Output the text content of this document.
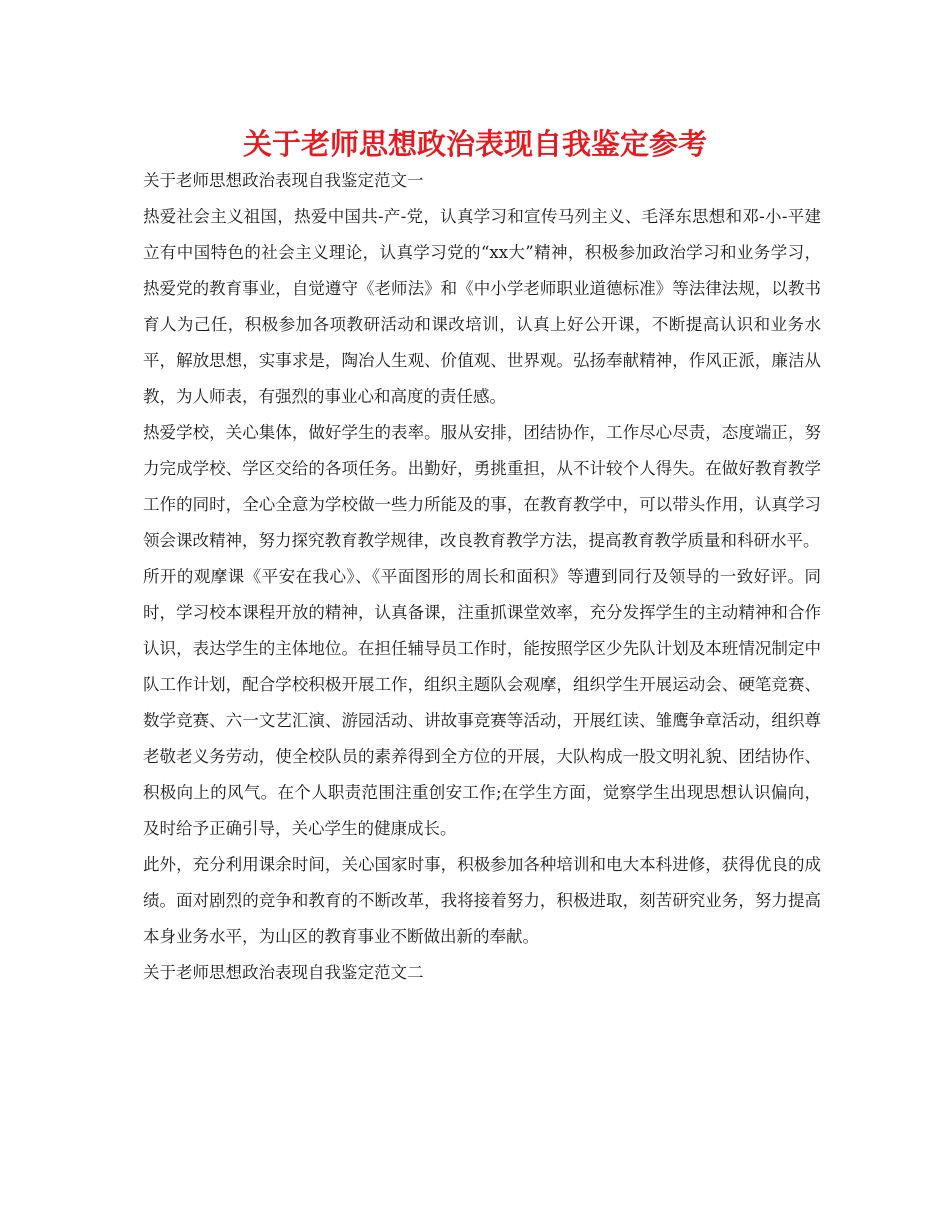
关于老师思想政治表现自我鉴定参考

关于老师思想政治表现自我鉴定范文一

热爱社会主义祖国，热爱中国共-产-党，认真学习和宣传马列主义、毛泽东思想和邓-小-平建立有中国特色的社会主义理论，认真学习党的“xx大”精神，积极参加政治学习和业务学习，热爱党的教育事业，自觉遵守《老师法》和《中小学老师职业道德标准》等法律法规，以教书育人为己任，积极参加各项教研活动和课改培训，认真上好公开课，不断提高认识和业务水平，解放思想，实事求是，陶冶人生观、价值观、世界观。弘扬奉献精神，作风正派，廉洁从教，为人师表，有强烈的事业心和高度的责任感。

热爱学校，关心集体，做好学生的表率。服从安排，团结协作，工作尽心尽责，态度端正，努力完成学校、学区交给的各项任务。出勤好，勇挑重担，从不计较个人得失。在做好教育教学工作的同时，全心全意为学校做一些力所能及的事，在教育教学中，可以带头作用，认真学习领会课改精神，努力探究教育教学规律，改良教育教学方法，提高教育教学质量和科研水平。

所开的观摩课《平安在我心》、《平面图形的周长和面积》等遭到同行及领导的一致好评。同时，学习校本课程开放的精神，认真备课，注重抓课堂效率，充分发挥学生的主动精神和合作认识，表达学生的主体地位。在担任辅导员工作时，能按照学区少先队计划及本班情况制定中队工作计划，配合学校积极开展工作，组织主题队会观摩，组织学生开展运动会、硬笔竞赛、数学竞赛、六一文艺汇演、游园活动、讲故事竞赛等活动，开展红读、雏鹰争章活动，组织尊老敬老义务劳动，使全校队员的素养得到全方位的开展，大队构成一股文明礼貌、团结协作、积极向上的风气。在个人职责范围注重创安工作;在学生方面，觉察学生出现思想认识偏向，及时给予正确引导，关心学生的健康成长。

此外，充分利用课余时间，关心国家时事，积极参加各种培训和电大本科进修，获得优良的成绩。面对剧烈的竞争和教育的不断改革，我将接着努力，积极进取，刻苦研究业务，努力提高本身业务水平，为山区的教育事业不断做出新的奉献。

关于老师思想政治表现自我鉴定范文二
